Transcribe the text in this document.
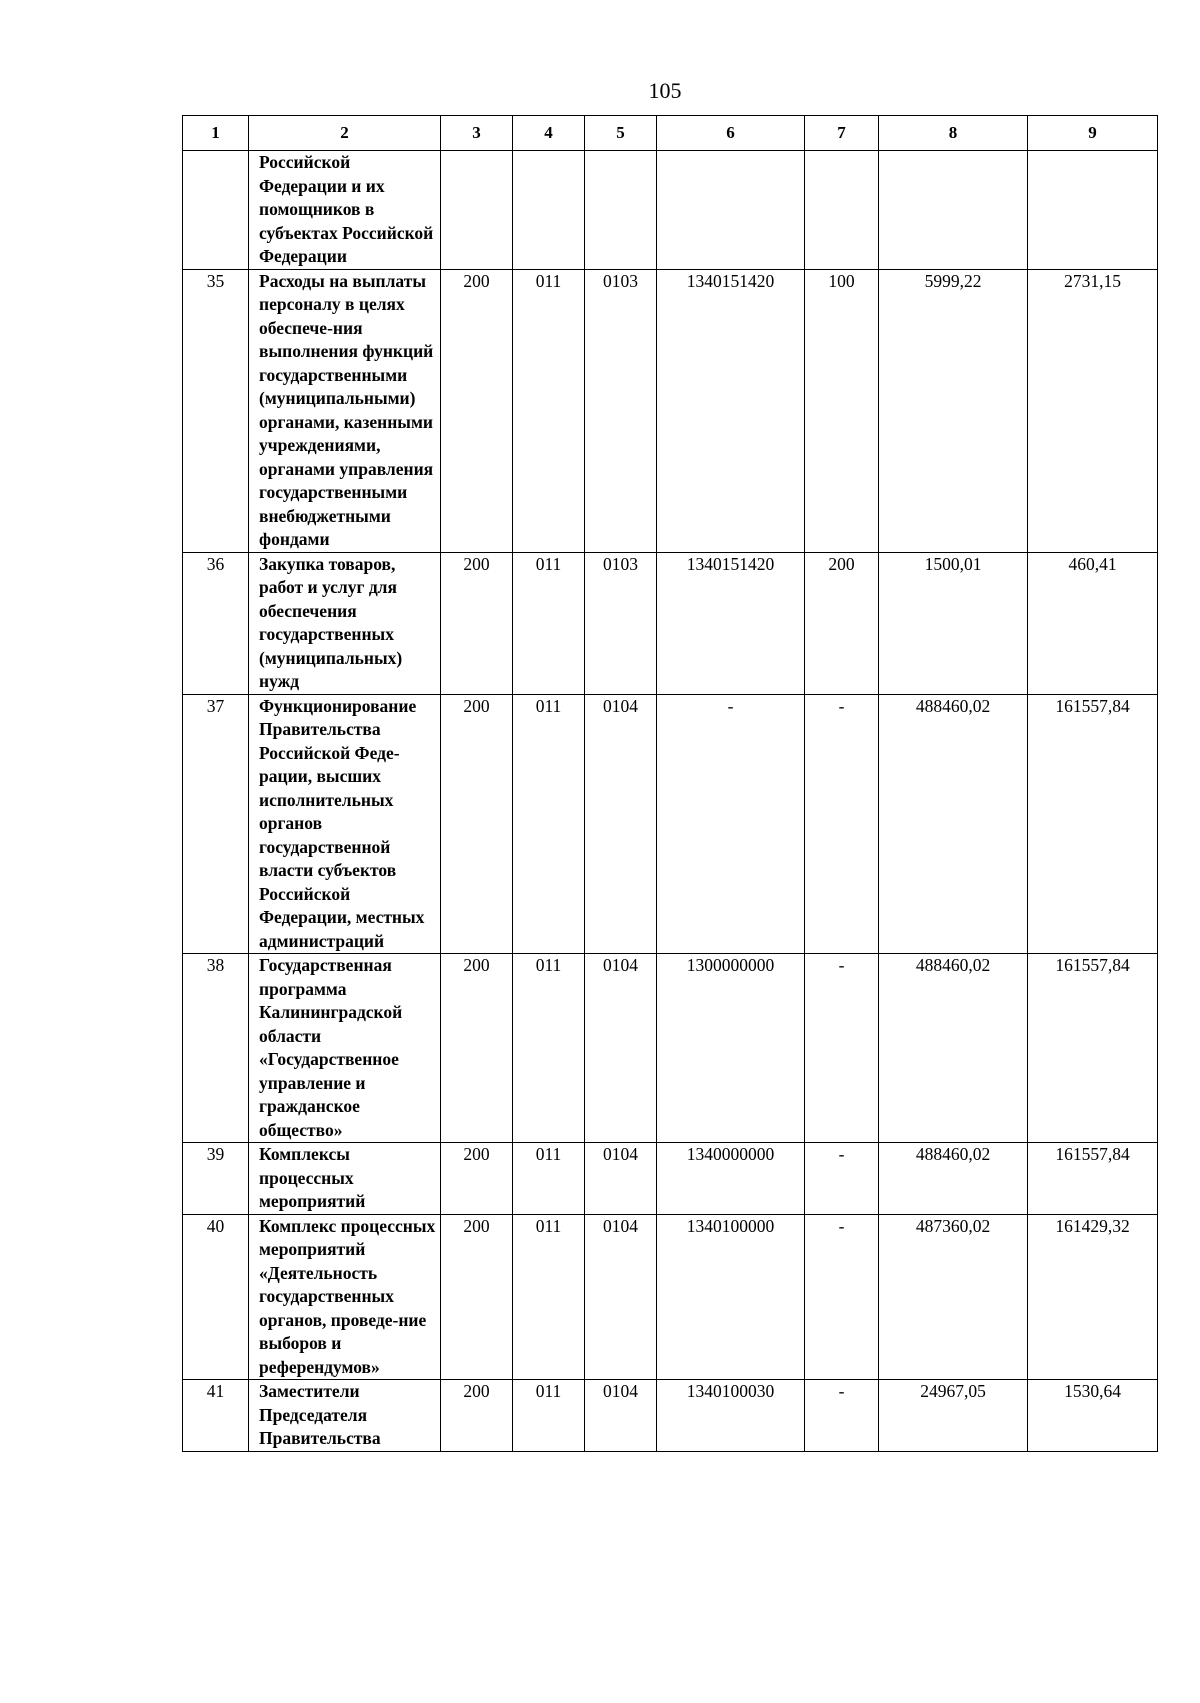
105
1	2	3	4	5	6	7	8	9
	Российской Федерации и их помощников в субъектах Российской Федерации							
35	Расходы на выплаты персоналу в целях обеспече-ния выполнения функций государственными (муниципальными) органами, казенными учреждениями, органами управления государственными внебюджетными фондами	200	011	0103	1340151420	100	5999,22	2731,15
36	Закупка товаров, работ и услуг для обеспечения государственных (муниципальных) нужд	200	011	0103	1340151420	200	1500,01	460,41
37	Функционирование Правительства Российской Феде-рации, высших исполнительных органов государственной власти субъектов Российской Федерации, местных администраций	200	011	0104	-	-	488460,02	161557,84
38	Государственная программа Калининградской области «Государственное управление и гражданское общество»	200	011	0104	1300000000	-	488460,02	161557,84
39	Комплексы процессных мероприятий	200	011	0104	1340000000	-	488460,02	161557,84
40	Комплекс процессных мероприятий «Деятельность государственных органов, проведе-ние выборов и референдумов»	200	011	0104	1340100000	-	487360,02	161429,32
41	Заместители Председателя Правительства	200	011	0104	1340100030	-	24967,05	1530,64
